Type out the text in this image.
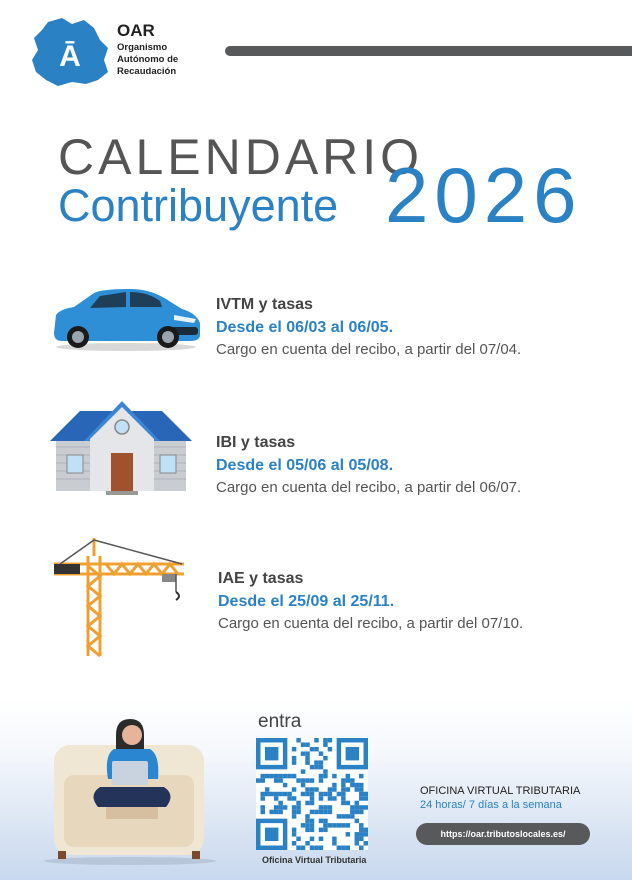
Ā
OAR
Organismo
Autónomo de
Recaudación
CALENDARIO
Contribuyente 2026
IVTM y tasas
Desde el 06/03 al 06/05.
Cargo en cuenta del recibo, a partir del 07/04.
IBI y tasas
Desde el 05/06 al 05/08.
Cargo en cuenta del recibo, a partir del 06/07.
IAE y tasas
Desde el 25/09 al 25/11.
Cargo en cuenta del recibo, a partir del 07/10.
entra
Oficina Virtual Tributaria
OFICINA VIRTUAL TRIBUTARIA
24 horas/ 7 días a la semana
https://oar.tributoslocales.es/
